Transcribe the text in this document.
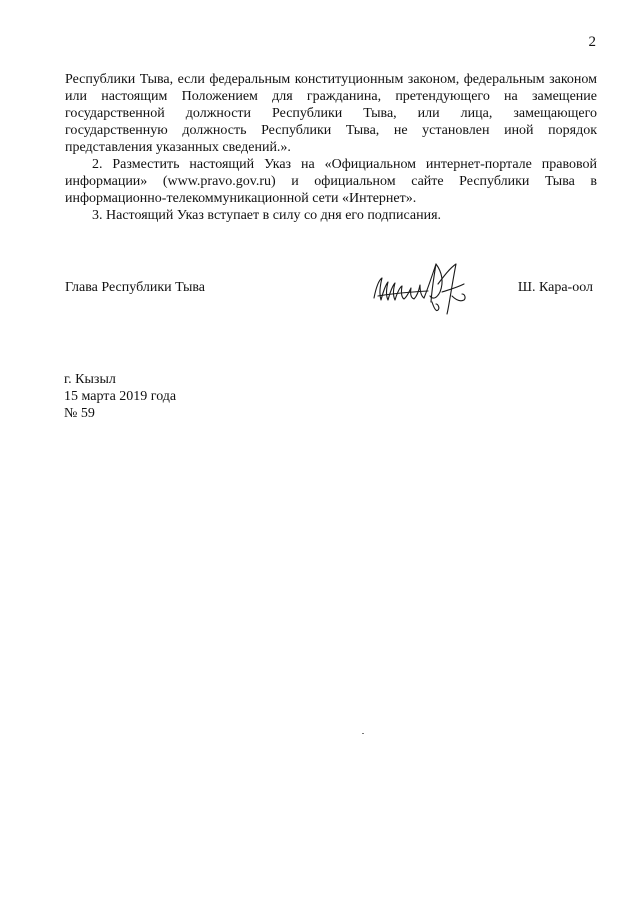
2

Республики Тыва, если федеральным конституционным законом, федеральным законом или настоящим Положением для гражданина, претендующего на замещение государственной должности Республики Тыва, или лица, замещающего государственную должность Республики Тыва, не установлен иной порядок представления указанных сведений.».

2. Разместить настоящий Указ на «Официальном интернет-портале правовой информации» (www.pravo.gov.ru) и официальном сайте Республики Тыва в информационно-телекоммуникационной сети «Интернет».

3. Настоящий Указ вступает в силу со дня его подписания.

Глава Республики Тыва	Ш. Кара-оол
г. Кызыл
15 марта 2019 года
№ 59
